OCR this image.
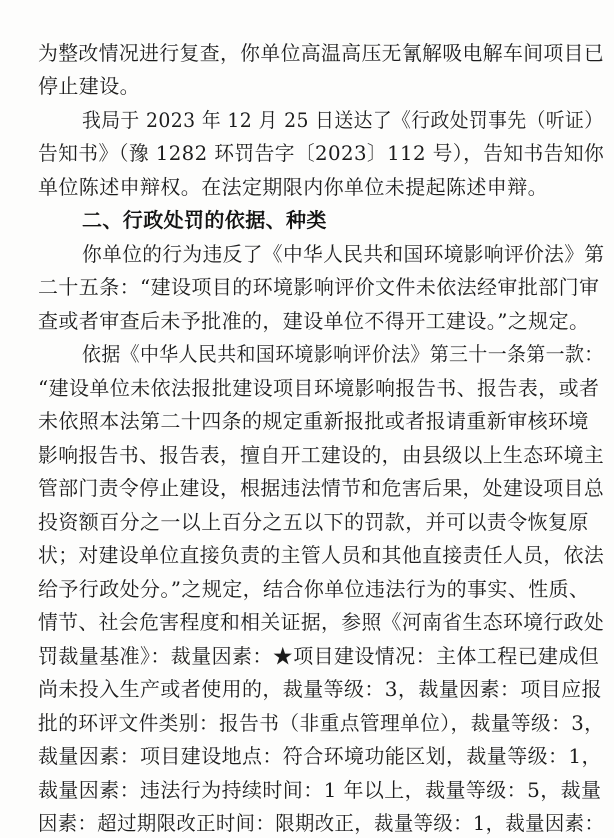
为整改情况进行复查，你单位高温高压无氰解吸电解车间项目已
停止建设。
我局于 2023 年 12 月 25 日送达了《行政处罚事先（听证）
告知书》（豫 1282 环罚告字〔2023〕112 号），告知书告知你
单位陈述申辩权。在法定期限内你单位未提起陈述申辩。
二、行政处罚的依据、种类
你单位的行为违反了《中华人民共和国环境影响评价法》第
二十五条：“建设项目的环境影响评价文件未依法经审批部门审
查或者审查后未予批准的，建设单位不得开工建设。”之规定。
依据《中华人民共和国环境影响评价法》第三十一条第一款：
“建设单位未依法报批建设项目环境影响报告书、报告表，或者
未依照本法第二十四条的规定重新报批或者报请重新审核环境
影响报告书、报告表，擅自开工建设的，由县级以上生态环境主
管部门责令停止建设，根据违法情节和危害后果，处建设项目总
投资额百分之一以上百分之五以下的罚款，并可以责令恢复原
状；对建设单位直接负责的主管人员和其他直接责任人员，依法
给予行政处分。”之规定，结合你单位违法行为的事实、性质、
情节、社会危害程度和相关证据，参照《河南省生态环境行政处
罚裁量基准》：裁量因素：★项目建设情况：主体工程已建成但
尚未投入生产或者使用的，裁量等级：3，裁量因素：项目应报
批的环评文件类别：报告书（非重点管理单位），裁量等级：3，
裁量因素：项目建设地点：符合环境功能区划，裁量等级：1，
裁量因素：违法行为持续时间：1 年以上，裁量等级：5，裁量
因素：超过期限改正时间：限期改正，裁量等级：1，裁量因素：
